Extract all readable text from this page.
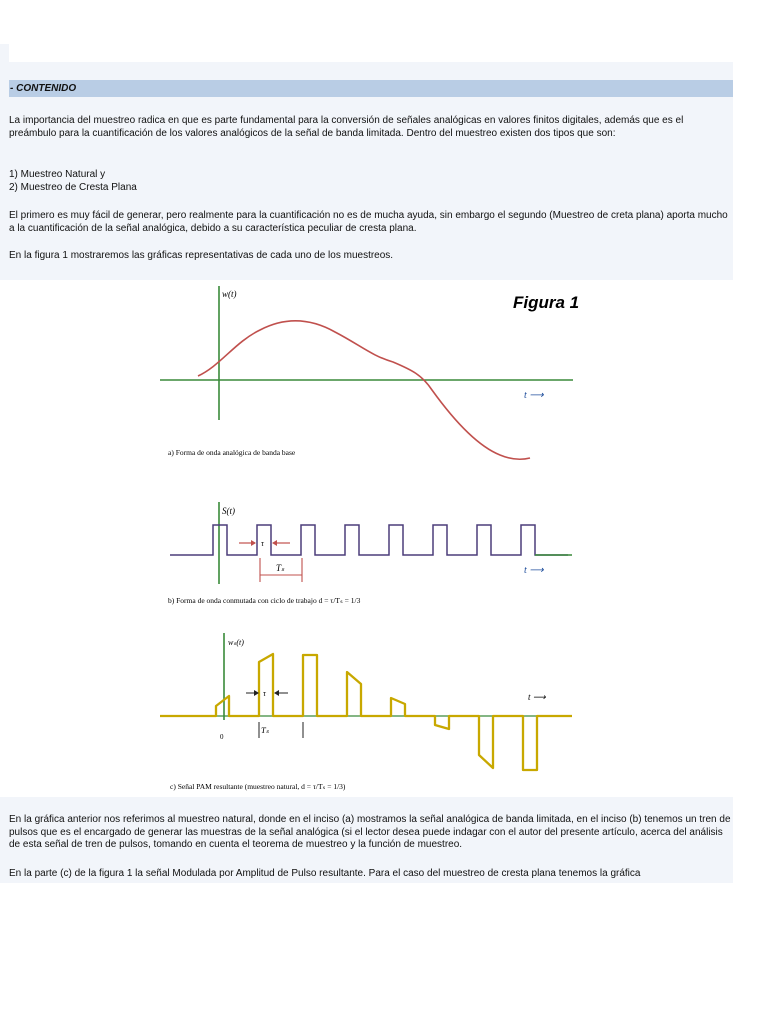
- CONTENIDO

La importancia del muestreo radica en que es parte fundamental para la conversión de señales analógicas en valores finitos digitales, además que es el preámbulo para la cuantificación de los valores analógicos de la señal de banda limitada. Dentro del muestreo existen dos tipos que son:

1) Muestreo Natural y

2) Muestreo de Cresta Plana

El primero es muy fácil de generar, pero realmente para la cuantificación no es de mucha ayuda, sin embargo el segundo (Muestreo de creta plana) aporta mucho a la cuantificación de la señal analógica, debido a su característica peculiar de cresta plana.

En la figura 1 mostraremos las gráficas representativas de cada uno de los muestreos.

w(t)	Figura 1
t ⟶
a) Forma de onda analógica de banda base
S(t)
τ
Tₛ	t ⟶
b) Forma de onda conmutada con ciclo de trabajo d = τ/Tₛ = 1/3
wₛ(t)
τ
0
Tₛ
t ⟶
c) Señal PAM resultante (muestreo natural, d = τ/Tₛ = 1/3)

En la gráfica anterior nos referimos al muestreo natural, donde en el inciso (a) mostramos la señal analógica de banda limitada, en el inciso (b) tenemos un tren de pulsos que es el encargado de generar las muestras de la señal analógica (si el lector desea puede indagar con el autor del presente artículo, acerca del análisis de esta señal de tren de pulsos, tomando en cuenta el teorema de muestreo y la función de muestreo.

En la parte (c) de la figura 1 la señal Modulada por Amplitud de Pulso resultante. Para el caso del muestreo de cresta plana tenemos la gráfica
